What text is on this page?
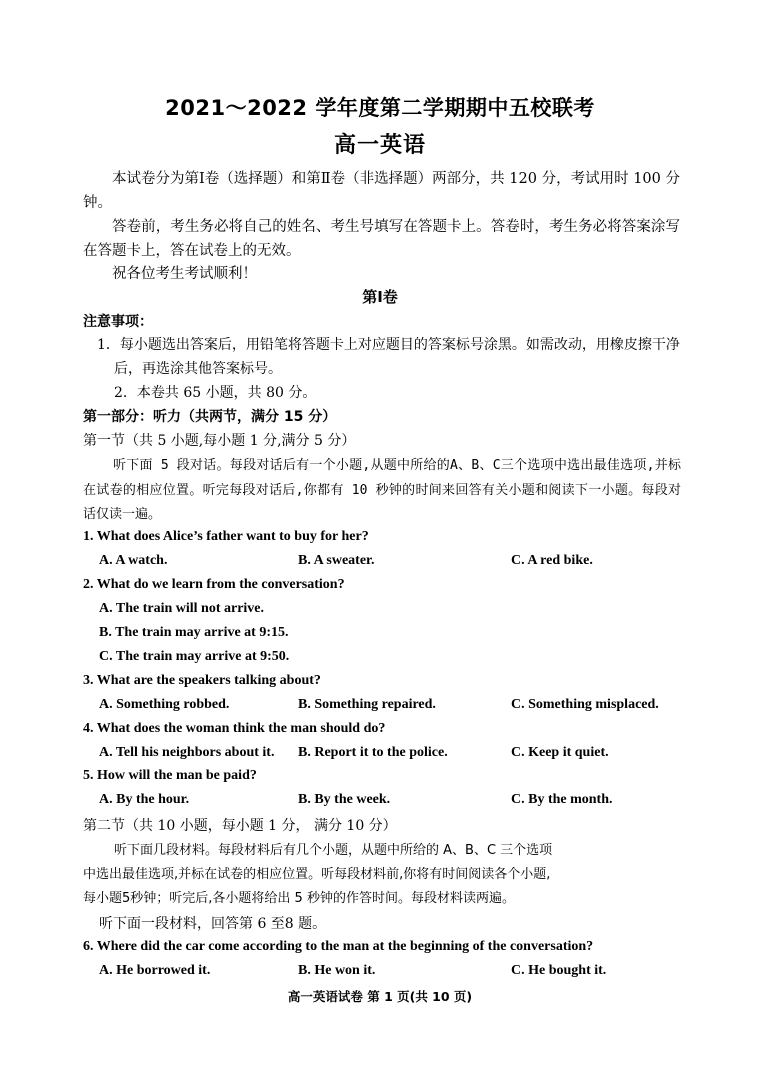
2021～2022 学年度第二学期期中五校联考
高一英语

本试卷分为第Ⅰ卷（选择题）和第Ⅱ卷（非选择题）两部分，共 120 分，考试用时 100 分钟。

答卷前，考生务必将自己的姓名、考生号填写在答题卡上。答卷时，考生务必将答案涂写在答题卡上，答在试卷上的无效。

祝各位考生考试顺利！

第Ⅰ卷
注意事项：
1．每小题选出答案后，用铅笔将答题卡上对应题目的答案标号涂黑。如需改动，用橡皮擦干净后，再选涂其他答案标号。
2．本卷共 65 小题，共 80 分。
第一部分：听力（共两节，满分 15 分）
第一节（共 5 小题,每小题 1 分,满分 5 分）
听下面 5 段对话。每段对话后有一个小题,从题中所给的A、B、C三个选项中选出最佳选项,并标在试卷的相应位置。听完每段对话后,你都有 10 秒钟的时间来回答有关小题和阅读下一小题。每段对话仅读一遍。
1. What does Alice’s father want to buy for her?
A. A watch.	B. A sweater.	C. A red bike.
2. What do we learn from the conversation?
A. The train will not arrive.
B. The train may arrive at 9:15.
C. The train may arrive at 9:50.
3. What are the speakers talking about?
A. Something robbed.	B. Something repaired.	C. Something misplaced.
4. What does the woman think the man should do?
A. Tell his neighbors about it. B. Report it to the police.	C. Keep it quiet.
5. How will the man be paid?
A. By the hour.	B. By the week.	C. By the month.
第二节（共 10 小题，每小题 1 分， 满分 10 分）
听下面几段材料。每段材料后有几个小题，从题中所给的 A、B、C 三个选项
中选出最佳选项,并标在试卷的相应位置。听每段材料前,你将有时间阅读各个小题,
每小题5秒钟；听完后,各小题将给出 5 秒钟的作答时间。每段材料读两遍。
听下面一段材料，回答第 6 至8 题。
6. Where did the car come according to the man at the beginning of the conversation?
A. He borrowed it.	B. He won it.	C. He bought it.
高一英语试卷 第 1 页(共 10 页)
